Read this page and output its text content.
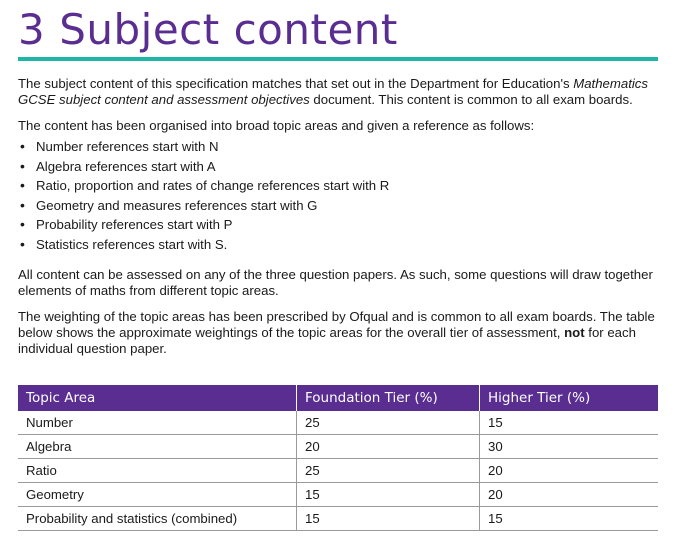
3 Subject content

The subject content of this specification matches that set out in the Department for Education's Mathematics GCSE subject content and assessment objectives document. This content is common to all exam boards.

The content has been organised into broad topic areas and given a reference as follows:

• Number references start with N
• Algebra references start with A
• Ratio, proportion and rates of change references start with R
• Geometry and measures references start with G
• Probability references start with P
• Statistics references start with S.

All content can be assessed on any of the three question papers. As such, some questions will draw together elements of maths from different topic areas.

The weighting of the topic areas has been prescribed by Ofqual and is common to all exam boards. The table below shows the approximate weightings of the topic areas for the overall tier of assessment, not for each individual question paper.

Topic Area	Foundation Tier (%)	Higher Tier (%)
Number	25	15
Algebra	20	30
Ratio	25	20
Geometry	15	20
Probability and statistics (combined)	15	15
